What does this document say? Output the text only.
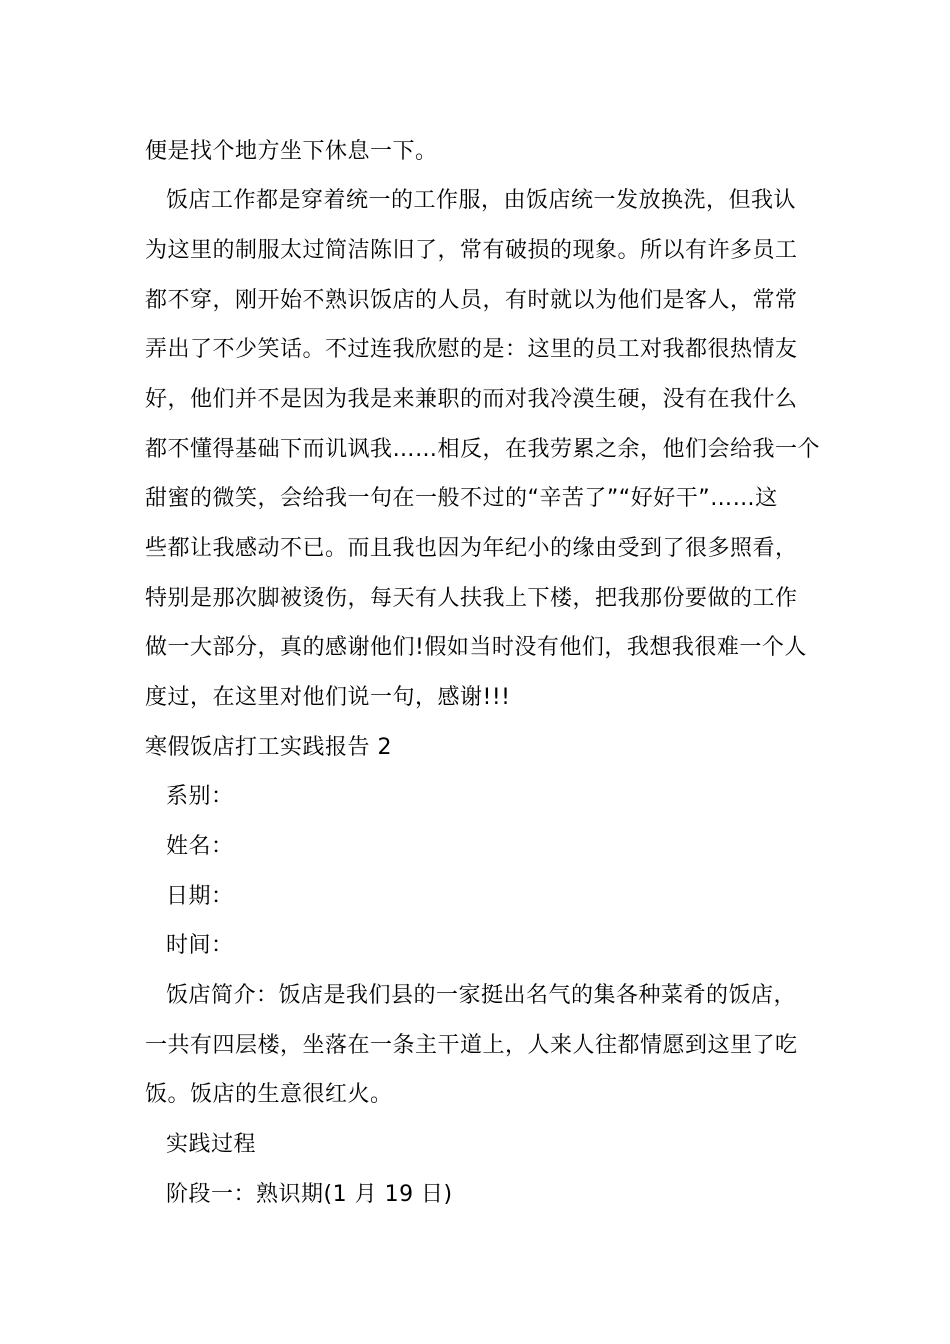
便是找个地方坐下休息一下。
饭店工作都是穿着统一的工作服，由饭店统一发放换洗，但我认
为这里的制服太过简洁陈旧了，常有破损的现象。所以有许多员工
都不穿，刚开始不熟识饭店的人员，有时就以为他们是客人，常常
弄出了不少笑话。不过连我欣慰的是：这里的员工对我都很热情友
好，他们并不是因为我是来兼职的而对我冷漠生硬，没有在我什么
都不懂得基础下而讥讽我……相反，在我劳累之余，他们会给我一个
甜蜜的微笑，会给我一句在一般不过的“辛苦了”“好好干”……这
些都让我感动不已。而且我也因为年纪小的缘由受到了很多照看，
特别是那次脚被烫伤，每天有人扶我上下楼，把我那份要做的工作
做一大部分，真的感谢他们!假如当时没有他们，我想我很难一个人
度过，在这里对他们说一句，感谢!!!
寒假饭店打工实践报告 2
系别：
姓名：
日期：
时间：
饭店简介：饭店是我们县的一家挺出名气的集各种菜肴的饭店，
一共有四层楼，坐落在一条主干道上，人来人往都情愿到这里了吃
饭。饭店的生意很红火。
实践过程
阶段一：熟识期(1 月 19 日)
